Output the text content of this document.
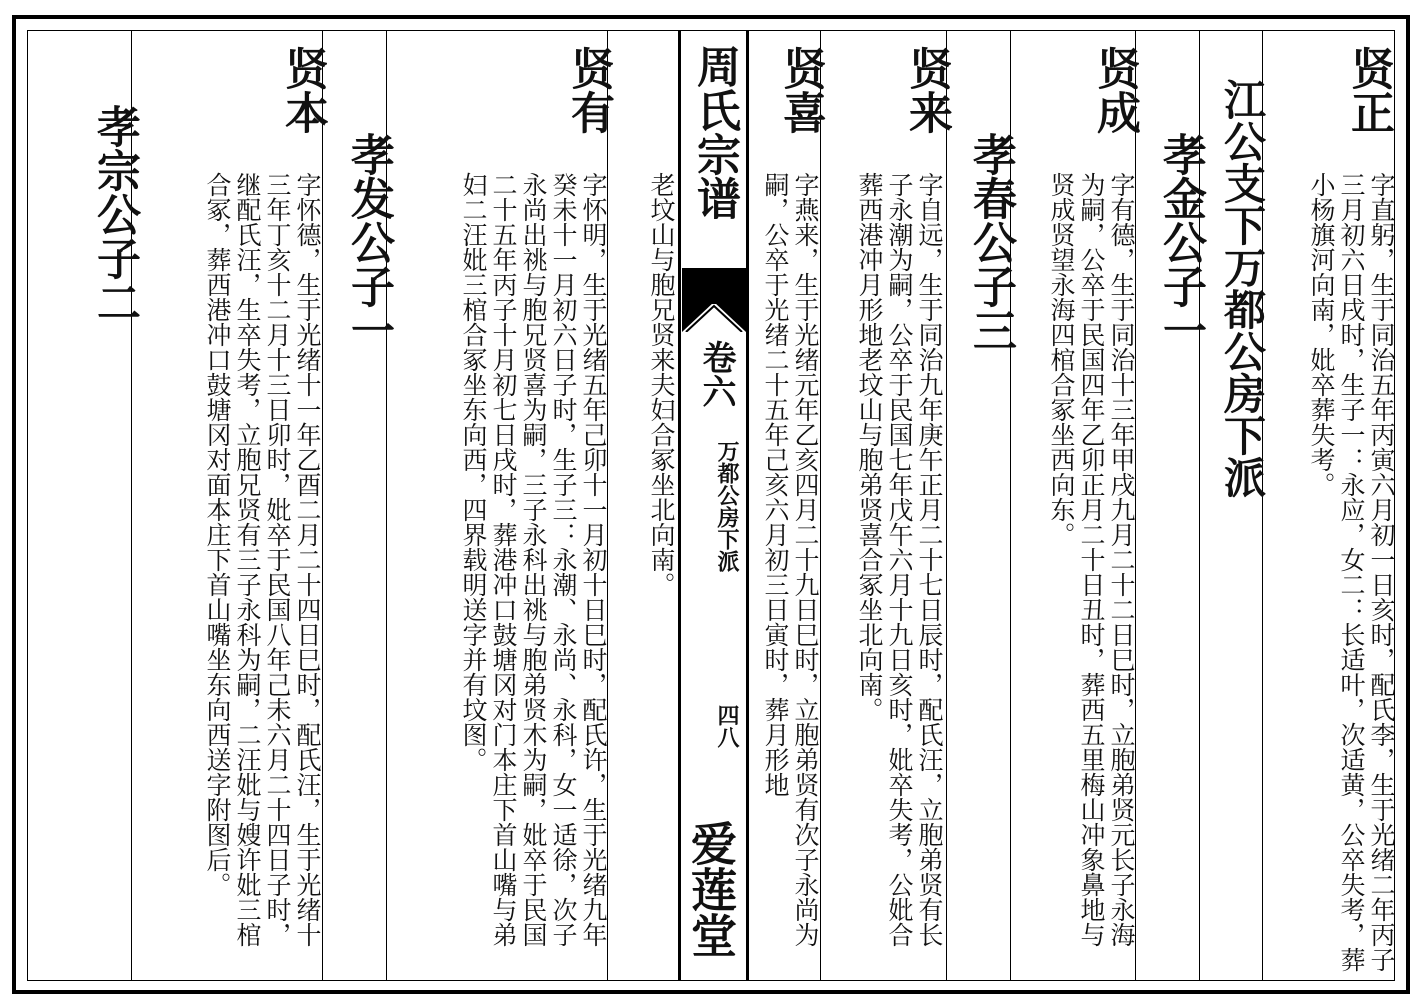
贤正
字直躬，生于同治五年丙寅六月初一日亥时，配氏李，生于光绪二年丙子三月初六日戌时，生子一：永应，女二：长适叶，次适黄，公卒失考，葬小杨旗河向南，妣卒葬失考。
江公支下万都公房下派
孝金公子一
贤成
字有德，生于同治十三年甲戌九月二十二日巳时，立胞弟贤元长子永海为嗣，公卒于民国四年乙卯正月二十日丑时，葬西五里梅山冲象鼻地与贤成贤望永海四棺合冢坐西向东。
孝春公子三
贤来
字自远，生于同治九年庚午正月二十七日辰时，配氏汪，立胞弟贤有长子永潮为嗣，公卒于民国七年戊午六月十九日亥时，妣卒失考，公妣合葬西港冲月形地老坟山与胞弟贤喜合冢坐北向南。
贤喜
字燕来，生于光绪元年乙亥四月二十九日巳时，立胞弟贤有次子永尚为嗣，公卒于光绪二十五年己亥六月初三日寅时，葬月形地
周氏宗谱
卷六
万都公房下派
四八
爱莲堂
老坟山与胞兄贤来夫妇合冢坐北向南。
贤有
字怀明，生于光绪五年己卯十一月初十日巳时，配氏许，生于光绪九年癸未十一月初六日子时，生子三：永潮、永尚、永科，女一适徐，次子永尚出祧与胞兄贤喜为嗣，三子永科出祧与胞弟贤木为嗣，妣卒于民国二十五年丙子十月初七日戌时，葬港冲口鼓塘冈对门本庄下首山嘴与弟妇二汪妣三棺合冢坐东向西，四界载明送字并有坟图。
孝发公子一
贤本
字怀德，生于光绪十一年乙酉二月二十四日巳时，配氏汪，生于光绪十三年丁亥十二月十三日卯时，妣卒于民国八年己未六月二十四日子时，继配氏汪，生卒失考，立胞兄贤有三子永科为嗣，二汪妣与嫂许妣三棺合冢，葬西港冲口鼓塘冈对面本庄下首山嘴坐东向西送字附图后。
孝宗公子二
